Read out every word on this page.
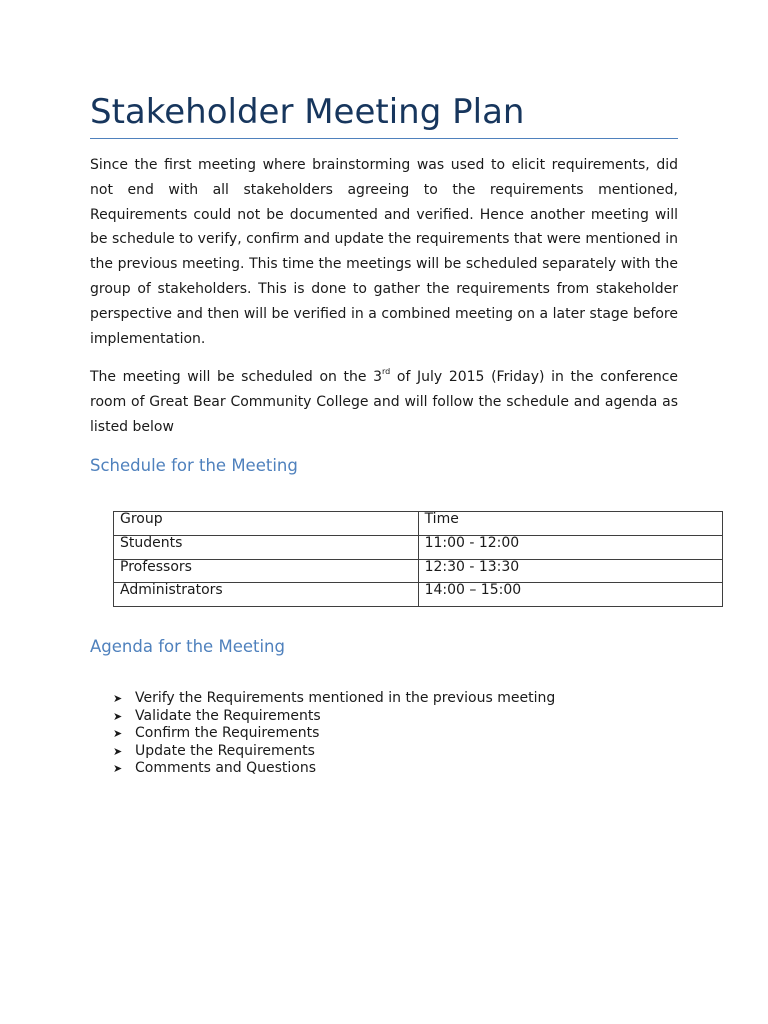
Stakeholder Meeting Plan

Since the first meeting where brainstorming was used to elicit requirements, did not end with all stakeholders agreeing to the requirements mentioned, Requirements could not be documented and verified. Hence another meeting will be schedule to verify, confirm and update the requirements that were mentioned in the previous meeting. This time the meetings will be scheduled separately with the group of stakeholders. This is done to gather the requirements from stakeholder perspective and then will be verified in a combined meeting on a later stage before implementation.

The meeting will be scheduled on the 3rd of July 2015 (Friday) in the conference room of Great Bear Community College and will follow the schedule and agenda as listed below

Schedule for the Meeting
Group	Time
Students	11:00 - 12:00
Professors	12:30 - 13:30
Administrators	14:00 – 15:00
Agenda for the Meeting
➤ Verify the Requirements mentioned in the previous meeting
➤ Validate the Requirements
➤ Confirm the Requirements
➤ Update the Requirements
➤ Comments and Questions
